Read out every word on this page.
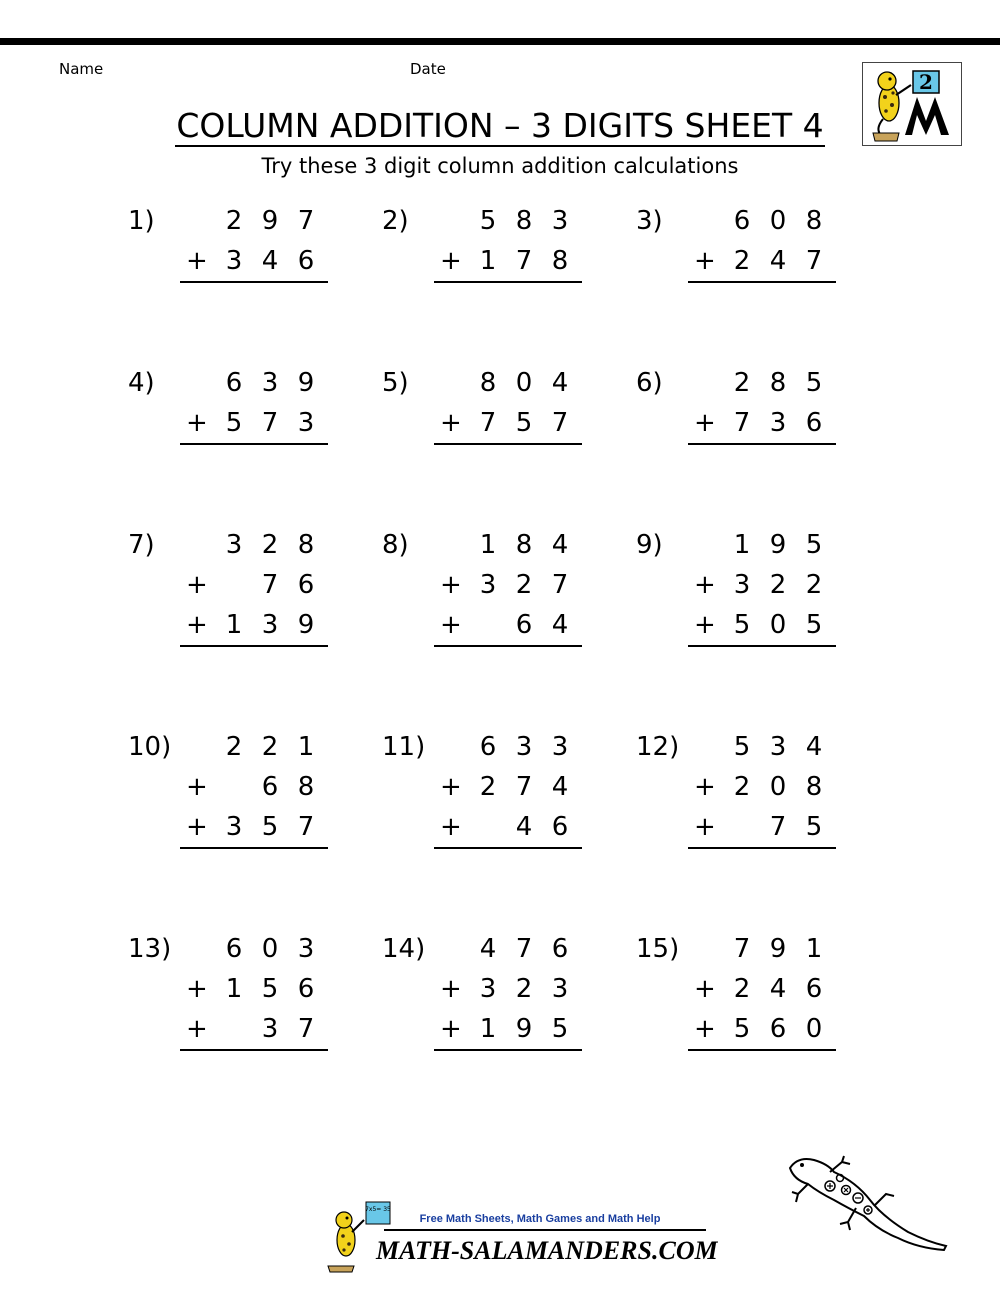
Name	Date
COLUMN ADDITION – 3 DIGITS SHEET 4
Try these 3 digit column addition calculations
2
1)	2 9 7
+ 3 4 6
2)	5 8 3
+ 1 7 8
3)	6 0 8
+ 2 4 7
4)	6 3 9
+ 5 7 3
5)	8 0 4
+ 7 5 7
6)	2 8 5
+ 7 3 6
7)	3 2 8
+ 7 6
+ 1 3 9
8)	1 8 4
+ 3 2 7
+ 6 4
9)	1 9 5
+ 3 2 2
+ 5 0 5
10) 2 2 1
+ 6 8
+ 3 5 7
11) 6 3 3
+ 2 7 4
+ 4 6
12) 5 3 4
+ 2 0 8
+ 7 5
13) 6 0 3
+ 1 5 6
+ 3 7
14) 4 7 6
+ 3 2 3
+ 1 9 5
15) 7 9 1
+ 2 4 6
+ 5 6 0
7x5= 35
Free Math Sheets, Math Games and Math Help
MATH-SALAMANDERS.COM
